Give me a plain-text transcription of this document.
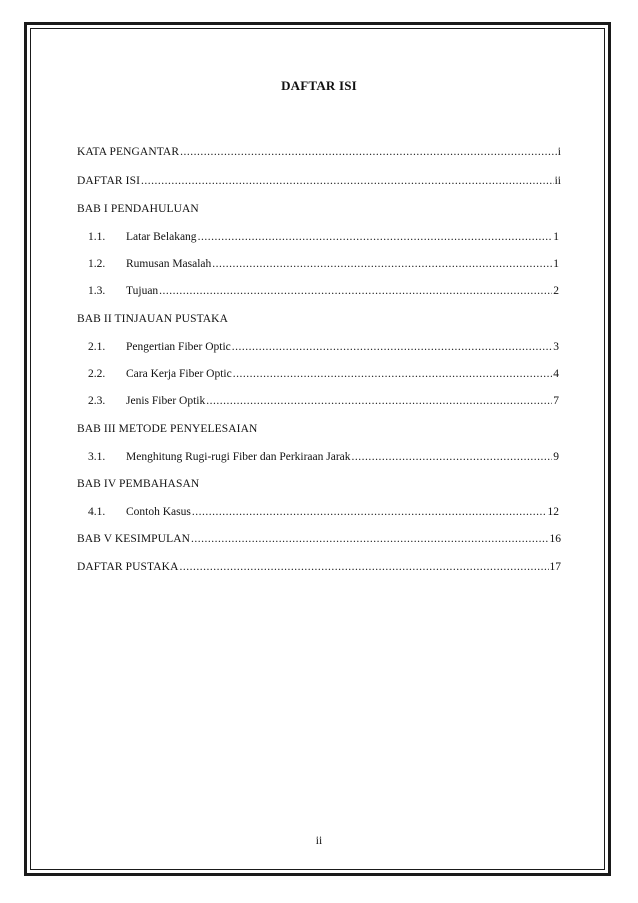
DAFTAR ISI
KATA PENGANTAR .....	i
DAFTAR ISI .....	ii
BAB I PENDAHULUAN
1.1.	Latar Belakang .....	1
1.2.	Rumusan Masalah .....	1
1.3.	Tujuan .....	2
BAB II TINJAUAN PUSTAKA
2.1.	Pengertian Fiber Optic .....	3
2.2.	Cara Kerja Fiber Optic .....	4
2.3.	Jenis Fiber Optik .....	7
BAB III METODE PENYELESAIAN
3.1.	Menghitung Rugi-rugi Fiber dan Perkiraan Jarak .....	9
BAB IV PEMBAHASAN
4.1.	Contoh Kasus .....	12
BAB V KESIMPULAN .....	16
DAFTAR PUSTAKA .....	17
ii
